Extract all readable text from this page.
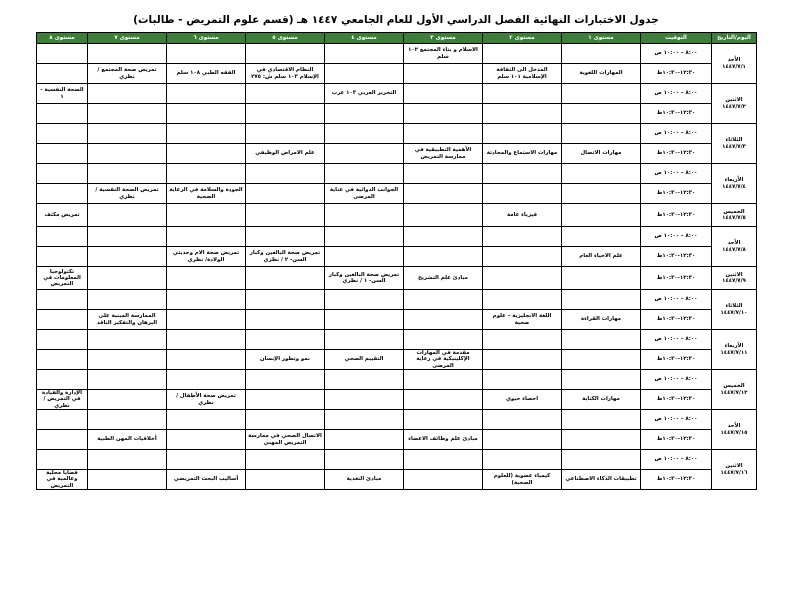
جدول الاختبارات النهائية الفصل الدراسي الأول للعام الجامعي ١٤٤٧ هـ (قسم علوم التمريض - طالبات)
اليوم/التاريخ	التوقيت	مستوى ١	مستوى ٢	مستوى ٣	مستوى ٤	مستوى ٥	مستوى ٦	مستوى ٧	مستوى ٨

الأحد
١٤٤٧/٧/١	٨:٠٠ – ١٠:٠٠ ص			الاسلام و بناء المجتمع ١٠٢ سلم					
	١٢:٣٠-١٠:٣٠ظ	المهارات اللغوية	المدخل الى الثقافة الإسلامية ١٠١ سلم			النظام الاقتصادي في الإسلام ١٠٣ سلم ش: ٢٧٥	الفقه الطبي ١٠٨ سلم	تمريض صحة المجتمع / نظري	

الاثنين
١٤٤٧/٧/٢	٨:٠٠ – ١٠:٠٠ ص				التحرير العربي ١٠٣ عرب				الصحة النفسية - ١
	١٢:٣٠-١٠:٣٠ظ								

الثلاثاء
١٤٤٧/٧/٣	٨:٠٠ – ١٠:٠٠ ص								
	١٢:٣٠-١٠:٣٠ظ	مهارات الاتصال	مهارات الاستماع والمحادثة	الأهمية التطبيقية في ممارسة التمريض		علم الامراض الوظيفي			

الأربعاء
١٤٤٧/٧/٤	٨:٠٠ – ١٠:٠٠ ص								
	١٢:٣٠-١٠:٣٠ظ				الجوانب الدوائية في عناية المرضى		الجودة والسلامة في الرعاية الصحية	تمريض الصحة النفسية / نظري	

الخميس
١٤٤٧/٧/٥	١٢:٣٠-١٠:٣٠ظ		فيزياء عامة						تمريض مكثف

الأحد
١٤٤٧/٧/٨	٨:٠٠ – ١٠:٠٠ ص								
	١٢:٣٠-١٠:٣٠ظ	علم الاحياء العام				تمريض صحة البالغين وكبار السن- ٢ / نظري	تمريض صحة الام وحديثي الولادة/ نظري		

الاثنين
١٤٤٧/٧/٩	١٢:٣٠-١٠:٣٠ظ			مبادئ علم التشريح	تمريض صحة البالغين وكبار السن- ١ / نظري				تكنولوجيا المعلومات في التمريض

الثلاثاء
١٤٤٧/٧/١٠	٨:٠٠ – ١٠:٠٠ ص								
	١٢:٣٠-١٠:٣٠ظ	مهارات القراءة	اللغة الانجليزية – علوم صحية					الممارسة المبنية على البرهان والتفكير الناقد	

الأربعاء
١٤٤٧/٧/١١	٨:٠٠ – ١٠:٠٠ ص								
	١٢:٣٠-١٠:٣٠ظ			مقدمة في المهارات الإكلينيكية في رعاية المرضى	التقييم الصحي	نمو وتطور الإنسان			

الخميس
١٤٤٧/٧/١٢	٨:٠٠ – ١٠:٠٠ ص								
	١٢:٣٠-١٠:٣٠ظ	مهارات الكتابة	احصاء حيوي				تمريض صحة الأطفال / نظري		الإدارة والقيادة في التمريض / نظري

الأحد
١٤٤٧/٧/١٥	٨:٠٠ – ١٠:٠٠ ص								
	١٢:٣٠-١٠:٣٠ظ			مبادئ علم وظائف الاعضاء		الاتصال الصحي في ممارسة التمريض المهني		أخلاقيات المهن الطبية	

الاثنين
١٤٤٧/٧/١٦	٨:٠٠ – ١٠:٠٠ ص								
	١٢:٣٠-١٠:٣٠ظ	تطبيقات الذكاء الاصطناعي	كيمياء عضوية (للعلوم الصحية)		مبادئ التغذية		أساليب البحث التمريضي		قضايا محلية وعالمية في التمريض
